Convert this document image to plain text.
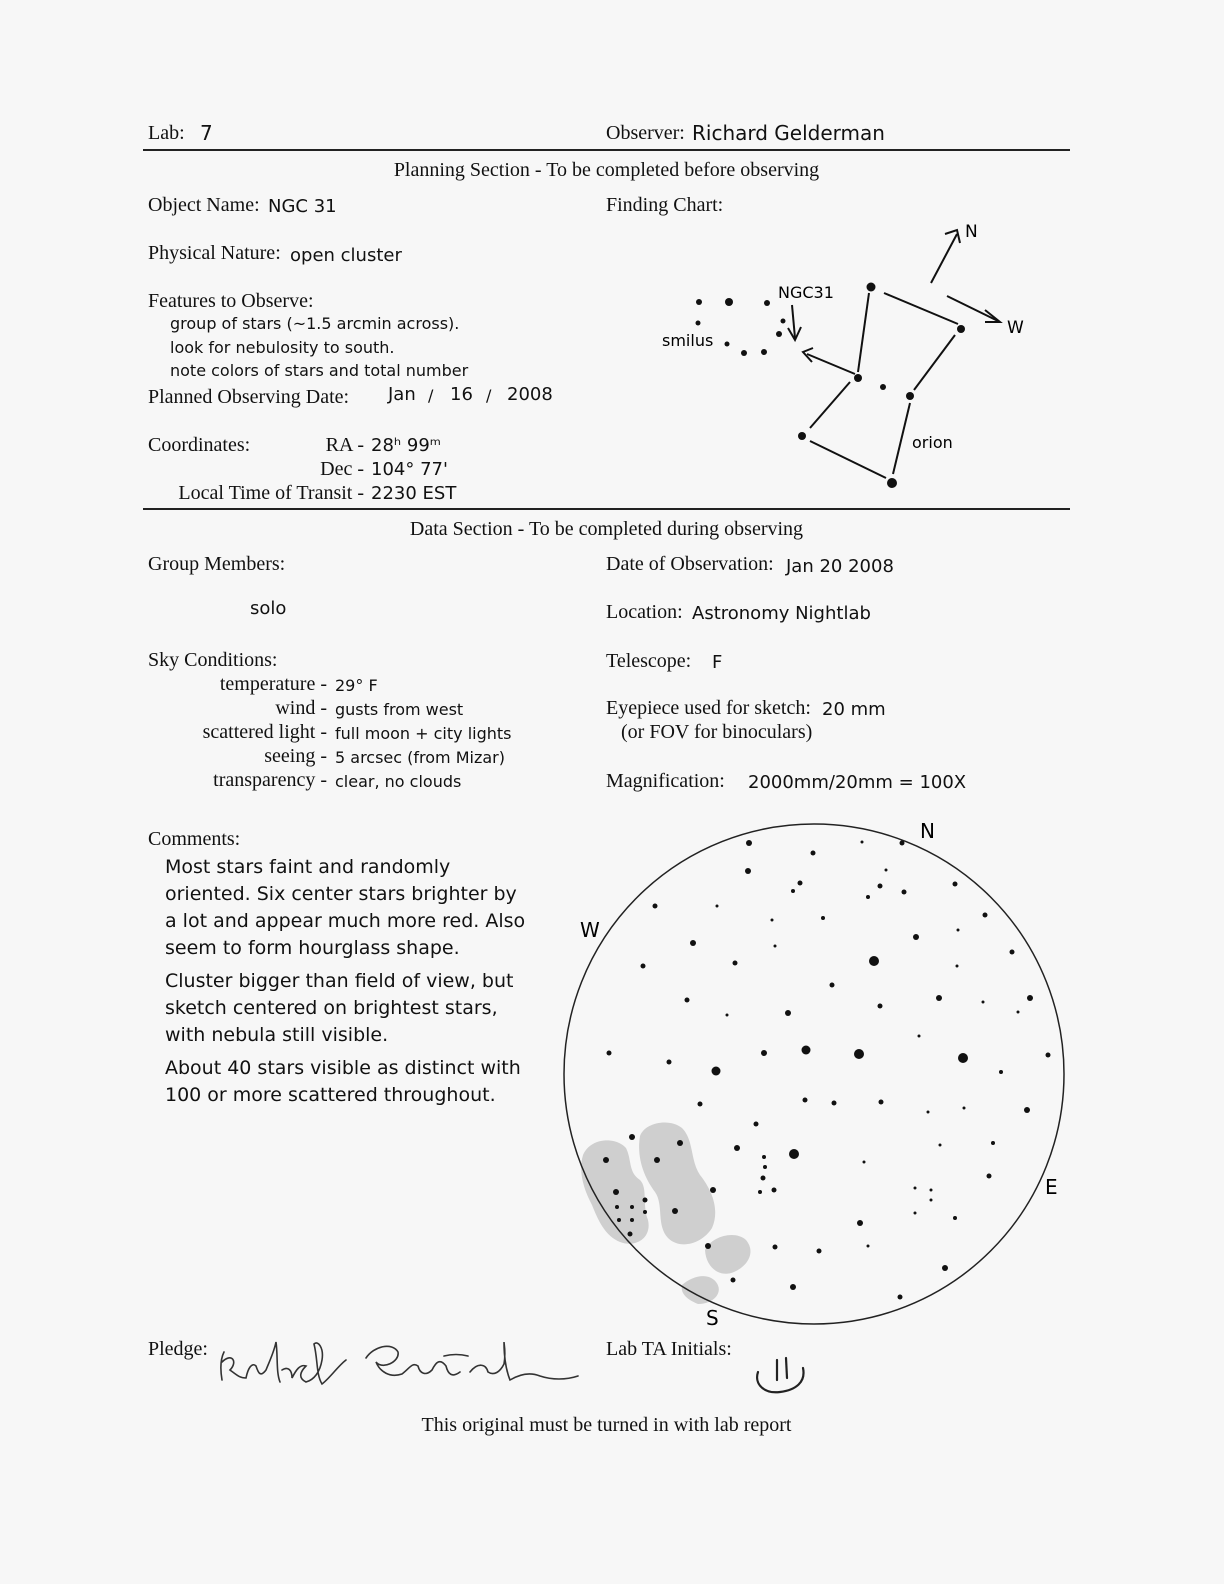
Lab: 7	Observer: Richard Gelderman
Planning Section - To be completed before observing
Object Name: NGC 31
Physical Nature: open cluster
Features to Observe:
group of stars (~1.5 arcmin across).
look for nebulosity to south.
note colors of stars and total number
Planned Observing Date: Jan / 16 / 2008
Coordinates:	RA - 28ʰ 99ᵐ
Dec - 104° 77'
Local Time of Transit - 2230 EST
Finding Chart:
N
W
NGC31
smilus
orion
Data Section - To be completed during observing
Group Members:
solo
Date of Observation: Jan 20 2008
Location: Astronomy Nightlab
Sky Conditions:
temperature - 29° F
wind - gusts from west
scattered light - full moon + city lights
seeing - 5 arcsec (from Mizar)
transparency - clear, no clouds
Telescope: F
Eyepiece used for sketch: 20 mm
(or FOV for binoculars)
Magnification: 2000mm/20mm = 100X
Comments:
Most stars faint and randomly
oriented. Six center stars brighter by
a lot and appear much more red. Also
seem to form hourglass shape.
Cluster bigger than field of view, but
sketch centered on brightest stars,
with nebula still visible.
About 40 stars visible as distinct with
100 or more scattered throughout.
N
W
E
S
Pledge:	Lab TA Initials:
This original must be turned in with lab report
